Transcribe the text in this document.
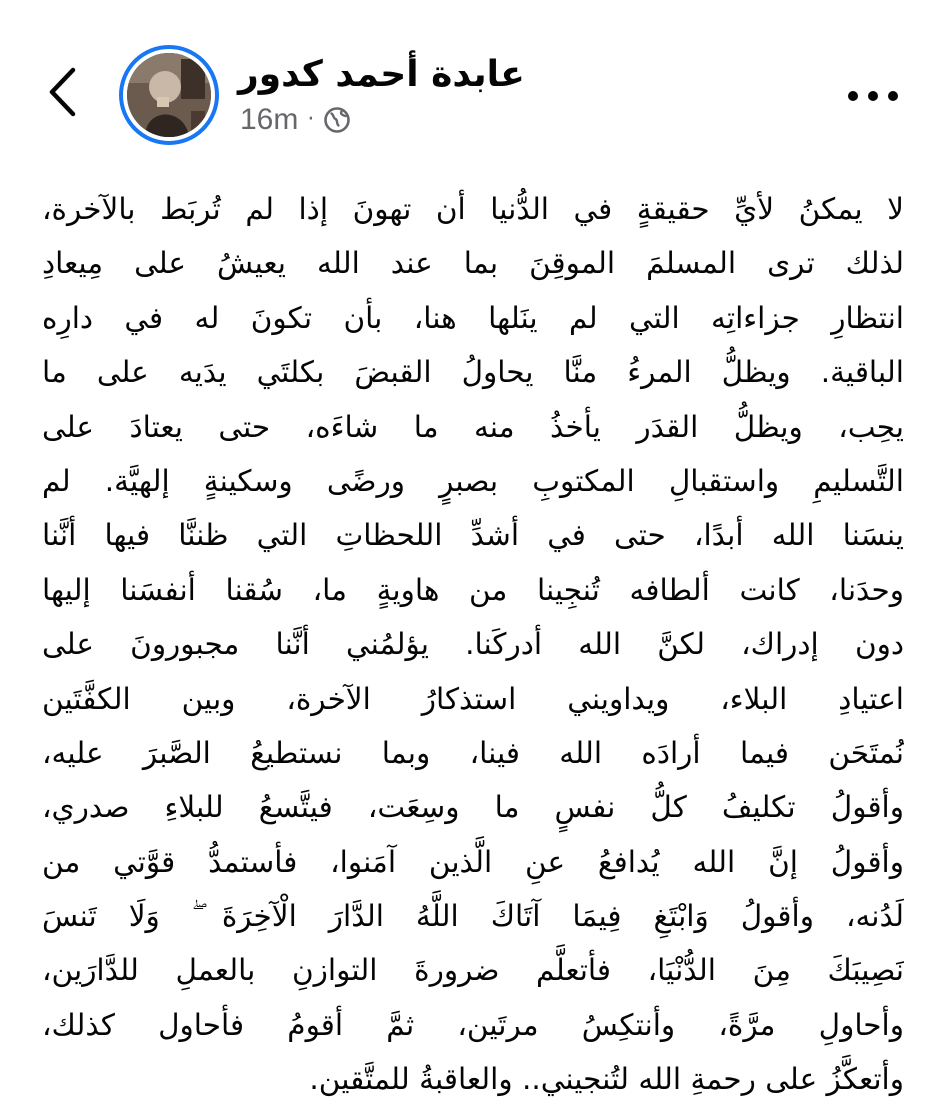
عابدة أحمد كدور
16m ·
لا يمكنُ لأيِّ حقيقةٍ في الدُّنيا أن تهونَ إذا لم تُربَط بالآخرة،
لذلك ترى المسلمَ الموقِنَ بما عند الله يعيشُ على مِيعادِ
انتظارِ جزاءاتِه التي لم ينَلها هنا، بأن تكونَ له في دارِه
الباقية. ويظلُّ المرءُ منَّا يحاولُ القبضَ بكلتَي يدَيه على ما
يحِب، ويظلُّ القدَر يأخذُ منه ما شاءَه، حتى يعتادَ على
التَّسليمِ واستقبالِ المكتوبِ بصبرٍ ورضًى وسكينةٍ إلهيَّة. لم
ينسَنا الله أبدًا، حتى في أشدِّ اللحظاتِ التي ظننَّا فيها أنَّنا
وحدَنا، كانت ألطافه تُنجِينا من هاويةٍ ما، سُقنا أنفسَنا إليها
دون إدراك، لكنَّ الله أدركَنا. يؤلمُني أنَّنا مجبورونَ على
اعتيادِ البلاء، ويداويني استذكارُ الآخرة، وبين الكفَّتَين
نُمتَحَن فيما أرادَه الله فينا، وبما نستطيعُ الصَّبرَ عليه،
وأقولُ تكليفُ كلُّ نفسٍ ما وسِعَت، فيتَّسعُ للبلاءِ صدري،
وأقولُ إنَّ الله يُدافعُ عنِ الَّذين آمَنوا، فأستمدُّ قوَّتي من
لَدُنه، وأقولُ وَابْتَغِ فِيمَا آتَاكَ اللَّهُ الدَّارَ الْآخِرَةَ ۖ وَلَا تَنسَ
نَصِيبَكَ مِنَ الدُّنْيَا، فأتعلَّم ضرورةَ التوازنِ بالعملِ للدَّارَين،
وأحاولِ مرَّةً، وأنتكِسُ مرتَين، ثمَّ أقومُ فأحاول كذلك،
وأتعكَّزُ على رحمةِ الله لتُنجيني.. والعاقبةُ للمتَّقين.
